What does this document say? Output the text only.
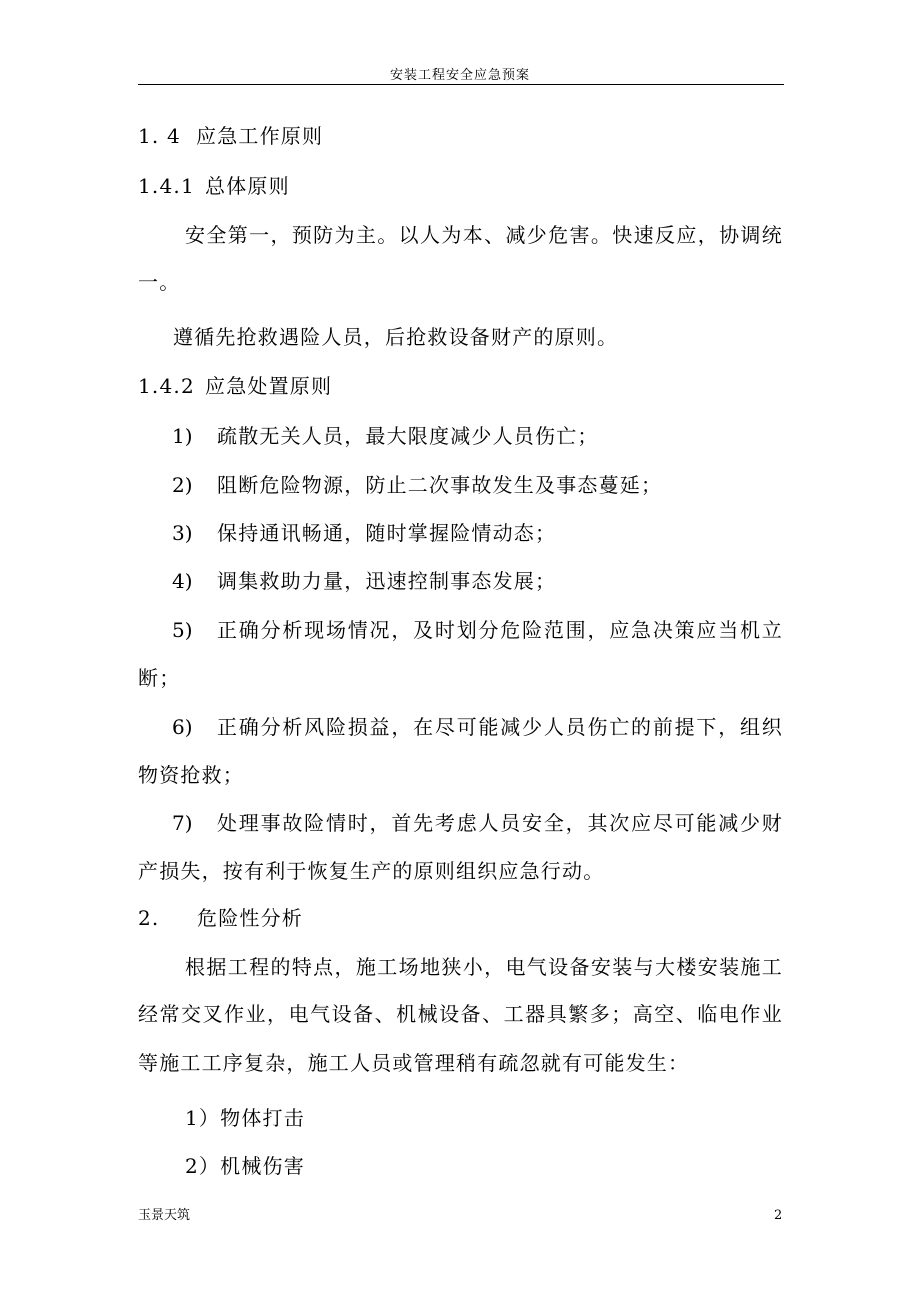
安装工程安全应急预案
1. 4 应急工作原则
1.4.1 总体原则
安全第一，预防为主。以人为本、减少危害。快速反应，协调统
一。
遵循先抢救遇险人员，后抢救设备财产的原则。
1.4.2 应急处置原则
1) 疏散无关人员，最大限度减少人员伤亡；
2) 阻断危险物源，防止二次事故发生及事态蔓延；
3) 保持通讯畅通，随时掌握险情动态；
4) 调集救助力量，迅速控制事态发展；
5) 正确分析现场情况，及时划分危险范围，应急决策应当机立
断；
6) 正确分析风险损益，在尽可能减少人员伤亡的前提下，组织
物资抢救；
7) 处理事故险情时，首先考虑人员安全，其次应尽可能减少财
产损失，按有利于恢复生产的原则组织应急行动。
2. 危险性分析
根据工程的特点，施工场地狭小，电气设备安装与大楼安装施工
经常交叉作业，电气设备、机械设备、工器具繁多；高空、临电作业
等施工工序复杂，施工人员或管理稍有疏忽就有可能发生：
1）物体打击
2）机械伤害
玉景天筑	2
